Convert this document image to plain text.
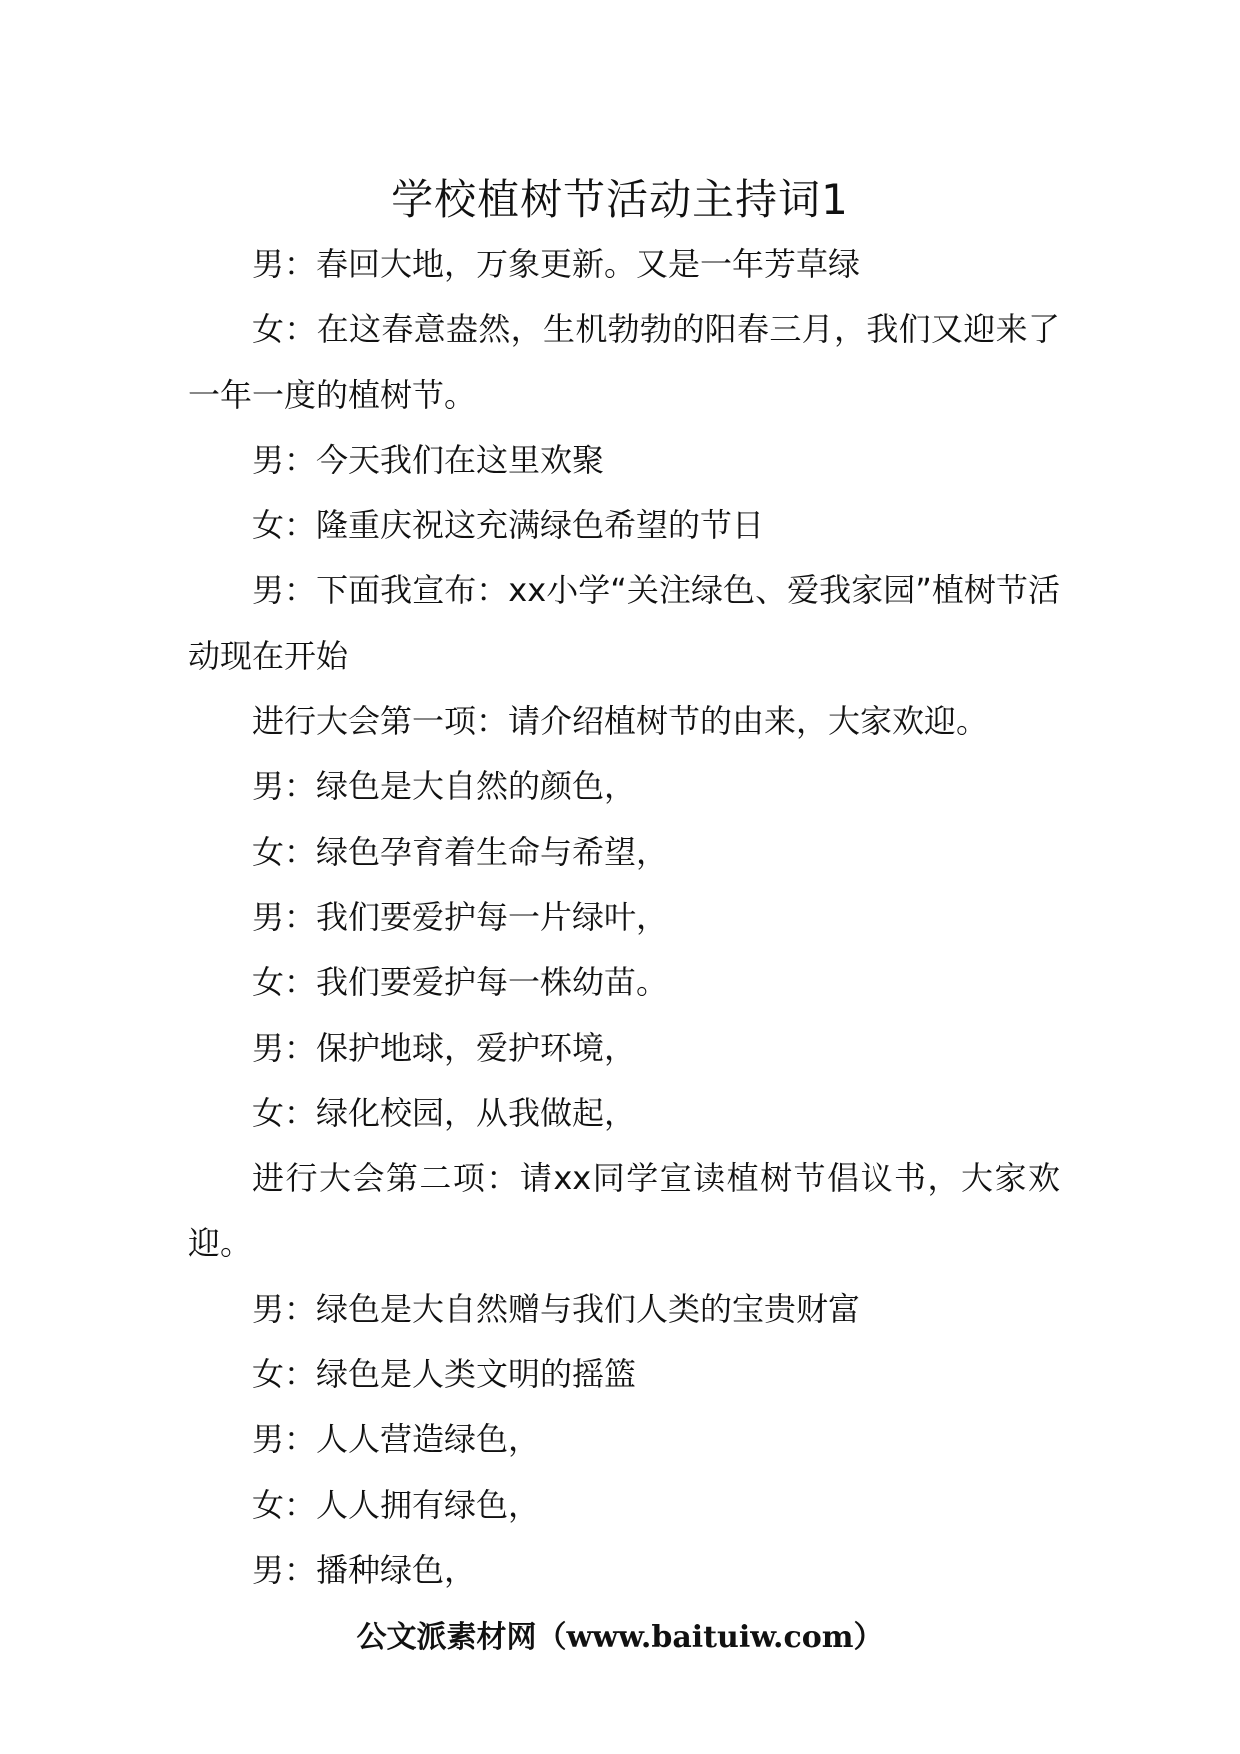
学校植树节活动主持词1

男：春回大地，万象更新。又是一年芳草绿

女：在这春意盎然，生机勃勃的阳春三月，我们又迎来了一年一度的植树节。

男：今天我们在这里欢聚

女：隆重庆祝这充满绿色希望的节日

男：下面我宣布：xx小学“关注绿色、爱我家园”植树节活动现在开始

进行大会第一项：请介绍植树节的由来，大家欢迎。

男：绿色是大自然的颜色，

女：绿色孕育着生命与希望，

男：我们要爱护每一片绿叶，

女：我们要爱护每一株幼苗。

男：保护地球，爱护环境，

女：绿化校园，从我做起，

进行大会第二项：请xx同学宣读植树节倡议书，大家欢迎。

男：绿色是大自然赠与我们人类的宝贵财富

女：绿色是人类文明的摇篮

男：人人营造绿色，

女：人人拥有绿色，

男：播种绿色，

公文派素材网（www.baituiw.com）
